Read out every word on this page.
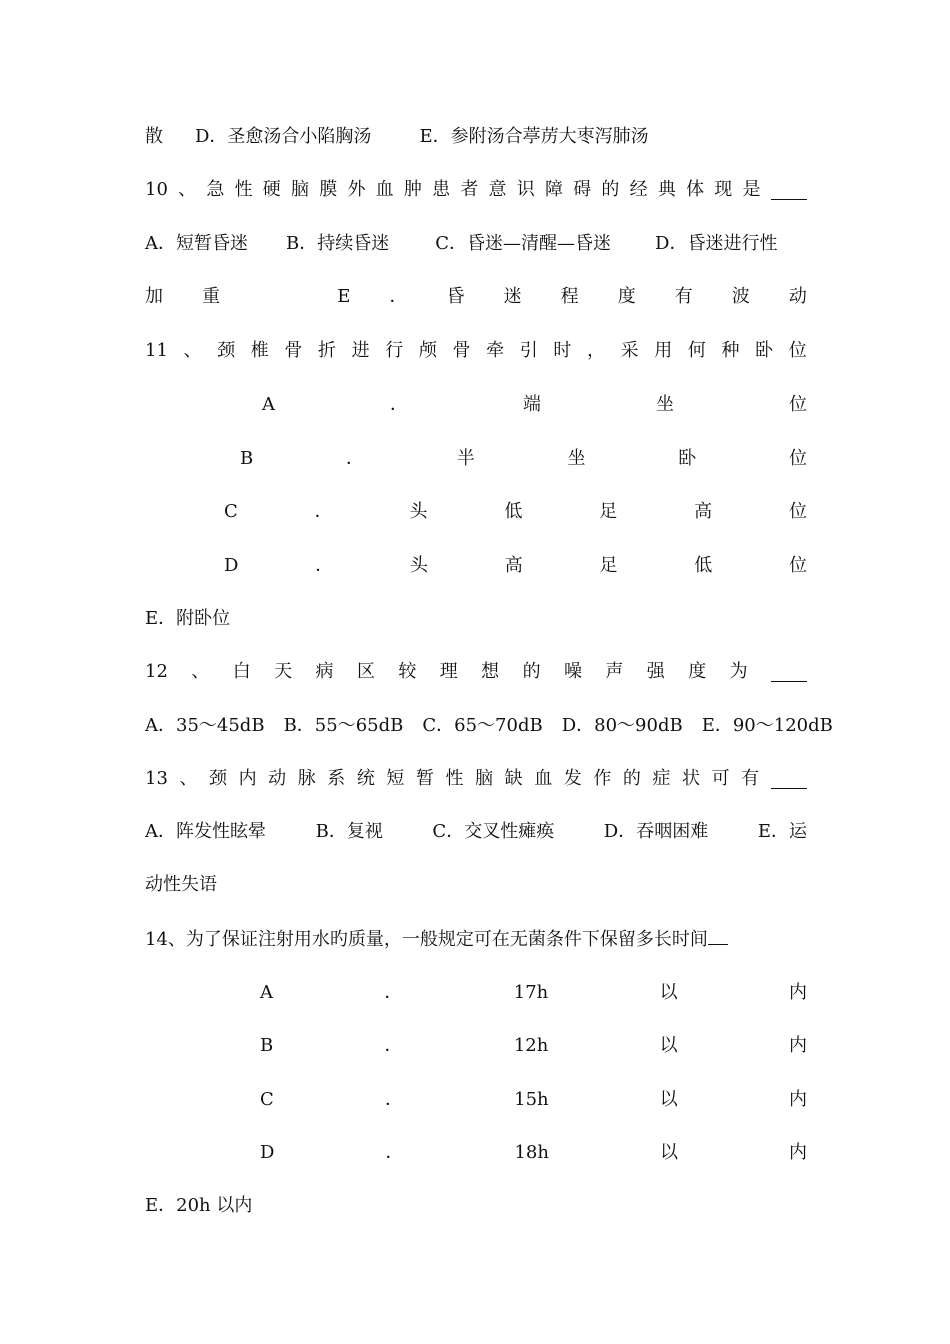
散 D．圣愈汤合小陷胸汤	E．参附汤合葶苈大枣泻肺汤
10 、 急 性 硬 脑 膜 外 血 肿 患 者 意 识 障 碍 的 经 典 体 现 是
A．短暂昏迷 B．持续昏迷	C．昏迷—清醒—昏迷 D．昏迷进行性
加 重	E ． 昏 迷 程 度 有 波 动
11 、 颈 椎 骨 折 进 行 颅 骨 牵 引 时 ， 采 用 何 种 卧 位
A	．	端	坐	位
B	．	半	坐	卧	位
C	．	头	低	足	高	位
D	．	头	高	足	低	位
E．附卧位
12 、 白 天 病 区 较 理 想 的 噪 声 强 度 为
A．35～45dB B．55～65dB C．65～70dB D．80～90dB E．90～120dB
13 、 颈 内 动 脉 系 统 短 暂 性 脑 缺 血 发 作 的 症 状 可 有
A．阵发性眩晕	B．复视	C．交叉性瘫痪	D．吞咽困难	E．运
动性失语
14、为了保证注射用水旳质量，一般规定可在无菌条件下保留多长时间
A	．	17h	以	内
B	．	12h	以	内
C	．	15h	以	内
D	．	18h	以	内
E．20h 以内
